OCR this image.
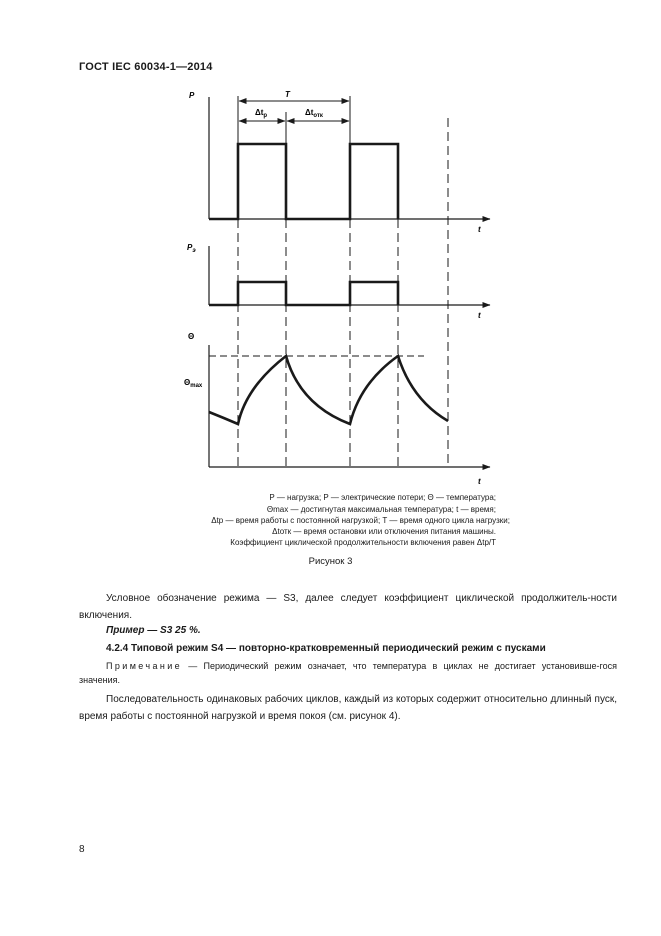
ГОСТ IEC 60034-1—2014
P
t
T
$\Delta t_р$	$\Delta t_{отк}$
$P_э$
t
Θ
$\Theta_{max}$
t
P — нагрузка; P — электрические потери; Θ — температура;
Θmax — достигнутая максимальная температура; t — время;
Δtр — время работы с постоянной нагрузкой; T — время одного цикла нагрузки;
Δtотк — время остановки или отключения питания машины.
Коэффициент циклической продолжительности включения равен Δtр/T
Рисунок 3
Условное обозначение режима — S3, далее следует коэффициент циклической продолжитель-ности включения.
Пример — S3 25 %.
4.2.4 Типовой режим S4 — повторно-кратковременный периодический режим с пусками
Примечание — Периодический режим означает, что температура в циклах не достигает установивше-гося значения.
Последовательность одинаковых рабочих циклов, каждый из которых содержит относительно длинный пуск, время работы с постоянной нагрузкой и время покоя (см. рисунок 4).
8
